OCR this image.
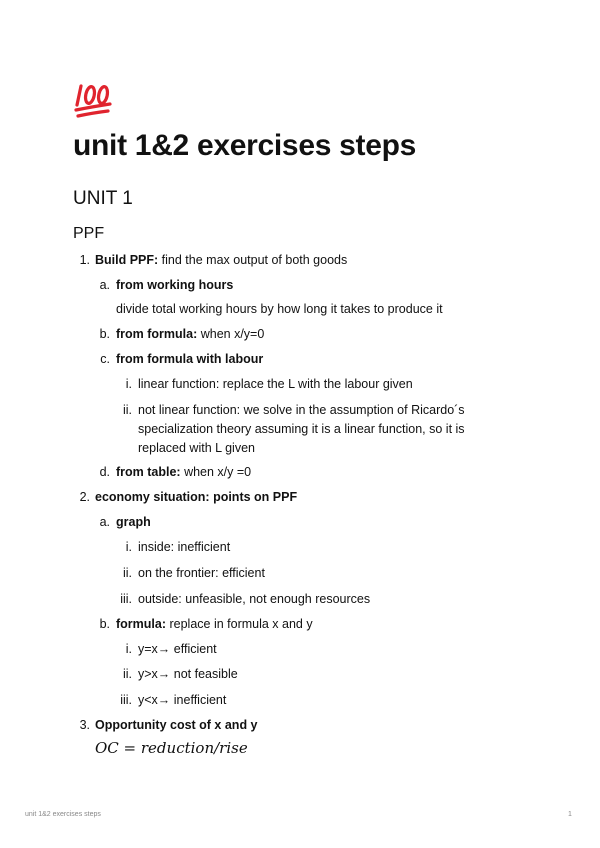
unit 1&2 exercises steps
UNIT 1
PPF
1. Build PPF: find the max output of both goods
a. from working hours
divide total working hours by how long it takes to produce it
b. from formula: when x/y=0
c. from formula with labour
i. linear function: replace the L with the labour given
ii. not linear function: we solve in the assumption of Ricardo´s specialization theory assuming it is a linear function, so it is replaced with L given
d. from table: when x/y =0
2. economy situation: points on PPF
a. graph
i. inside: inefficient
ii. on the frontier: efficient
iii. outside: unfeasible, not enough resources
b. formula: replace in formula x and y
i. y=x→ efficient
ii. y>x→ not feasible
iii. y<x→ inefficient
3. Opportunity cost of x and y
OC = reduction/rise
unit 1&2 exercises steps	1
